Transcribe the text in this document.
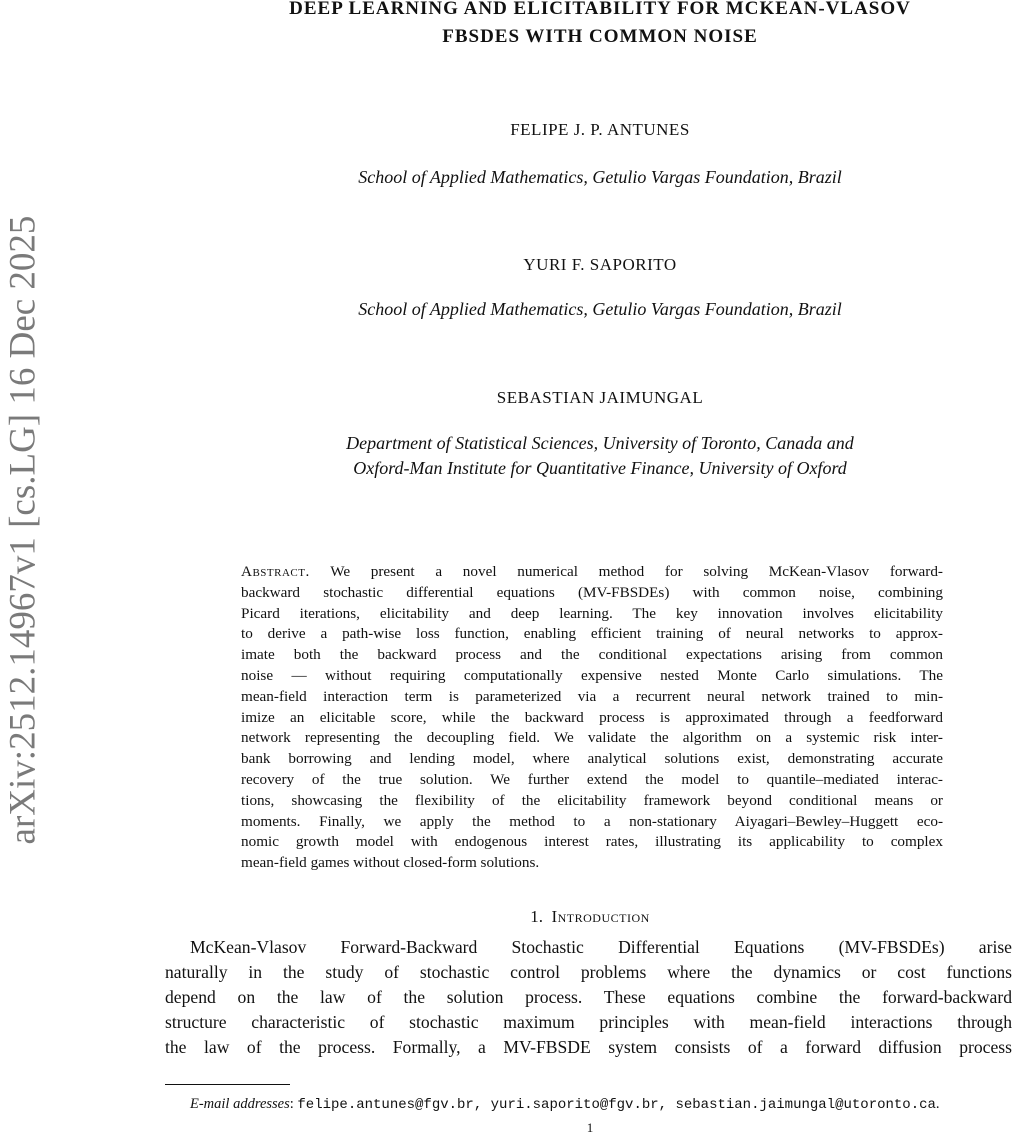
arXiv:2512.14967v1 [cs.LG] 16 Dec 2025
DEEP LEARNING AND ELICITABILITY FOR MCKEAN-VLASOV
FBSDES WITH COMMON NOISE
FELIPE J. P. ANTUNES
School of Applied Mathematics, Getulio Vargas Foundation, Brazil
YURI F. SAPORITO
School of Applied Mathematics, Getulio Vargas Foundation, Brazil
SEBASTIAN JAIMUNGAL
Department of Statistical Sciences, University of Toronto, Canada and
Oxford-Man Institute for Quantitative Finance, University of Oxford
Abstract. We present a novel numerical method for solving McKean-Vlasov forward-
backward stochastic differential equations (MV-FBSDEs) with common noise, combining
Picard iterations, elicitability and deep learning. The key innovation involves elicitability
to derive a path-wise loss function, enabling efficient training of neural networks to approx-
imate both the backward process and the conditional expectations arising from common
noise — without requiring computationally expensive nested Monte Carlo simulations. The
mean-field interaction term is parameterized via a recurrent neural network trained to min-
imize an elicitable score, while the backward process is approximated through a feedforward
network representing the decoupling field. We validate the algorithm on a systemic risk inter-
bank borrowing and lending model, where analytical solutions exist, demonstrating accurate
recovery of the true solution. We further extend the model to quantile–mediated interac-
tions, showcasing the flexibility of the elicitability framework beyond conditional means or
moments. Finally, we apply the method to a non-stationary Aiyagari–Bewley–Huggett eco-
nomic growth model with endogenous interest rates, illustrating its applicability to complex
mean-field games without closed-form solutions.
1. Introduction
McKean-Vlasov Forward-Backward Stochastic Differential Equations (MV-FBSDEs) arise
naturally in the study of stochastic control problems where the dynamics or cost functions
depend on the law of the solution process. These equations combine the forward-backward
structure characteristic of stochastic maximum principles with mean-field interactions through
the law of the process. Formally, a MV-FBSDE system consists of a forward diffusion process
E-mail addresses: felipe.antunes@fgv.br, yuri.saporito@fgv.br, sebastian.jaimungal@utoronto.ca.
1
